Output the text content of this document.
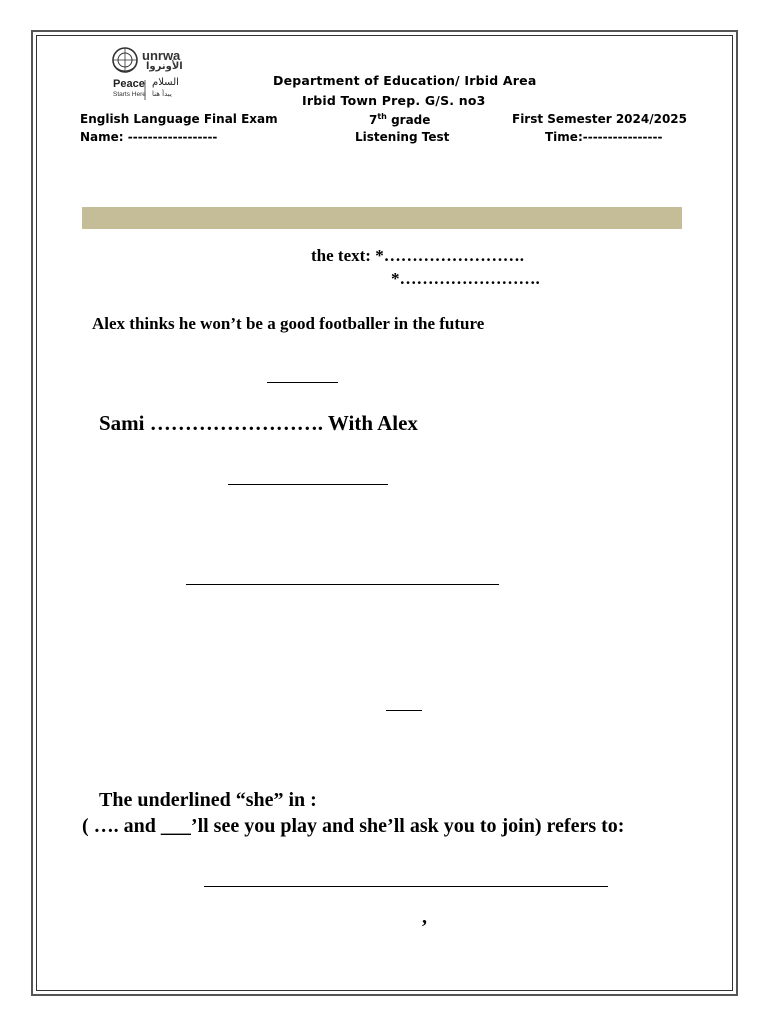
unrwa
الأونروا
Peace
Starts Here
السلام
يبدأ هنا
Department of Education/ Irbid Area
Irbid Town Prep. G/S. no3
English Language Final Exam	7th grade	First Semester 2024/2025
Name: ------------------	Listening Test	Time:----------------
the text: *…………………….
*…………………….
Alex thinks he won’t be a good footballer in the future
Sami ……………………. With Alex
The underlined “she” in :
( …. and ___’ll see you play and she’ll ask you to join) refers to:
,
